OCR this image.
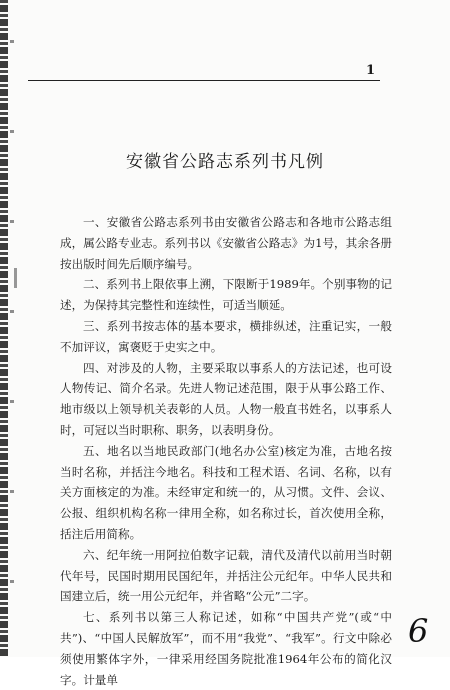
1
安徽省公路志系列书凡例

一、安徽省公路志系列书由安徽省公路志和各地市公路志组成，属公路专业志。系列书以《安徽省公路志》为1号，其余各册按出版时间先后顺序编号。

二、系列书上限依事上溯，下限断于1989年。个别事物的记述，为保持其完整性和连续性，可适当顺延。

三、系列书按志体的基本要求，横排纵述，注重记实，一般不加评议，寓褒贬于史实之中。

四、对涉及的人物，主要采取以事系人的方法记述，也可设人物传记、简介名录。先进人物记述范围，限于从事公路工作、地市级以上领导机关表彰的人员。人物一般直书姓名，以事系人时，可冠以当时职称、职务，以表明身份。

五、地名以当地民政部门(地名办公室)核定为准，古地名按当时名称，并括注今地名。科技和工程术语、名词、名称，以有关方面核定的为准。未经审定和统一的，从习惯。文件、会议、公报、组织机构名称一律用全称，如名称过长，首次使用全称，括注后用简称。

六、纪年统一用阿拉伯数字记载，清代及清代以前用当时朝代年号，民国时期用民国纪年，并括注公元纪年。中华人民共和国建立后，统一用公元纪年，并省略“公元”二字。

七、系列书以第三人称记述，如称“中国共产党”(或“中共”)、“中国人民解放军”，而不用“我党”、“我军”。行文中除必须使用繁体字外，一律采用经国务院批准1964年公布的简化汉字。计量单

6
